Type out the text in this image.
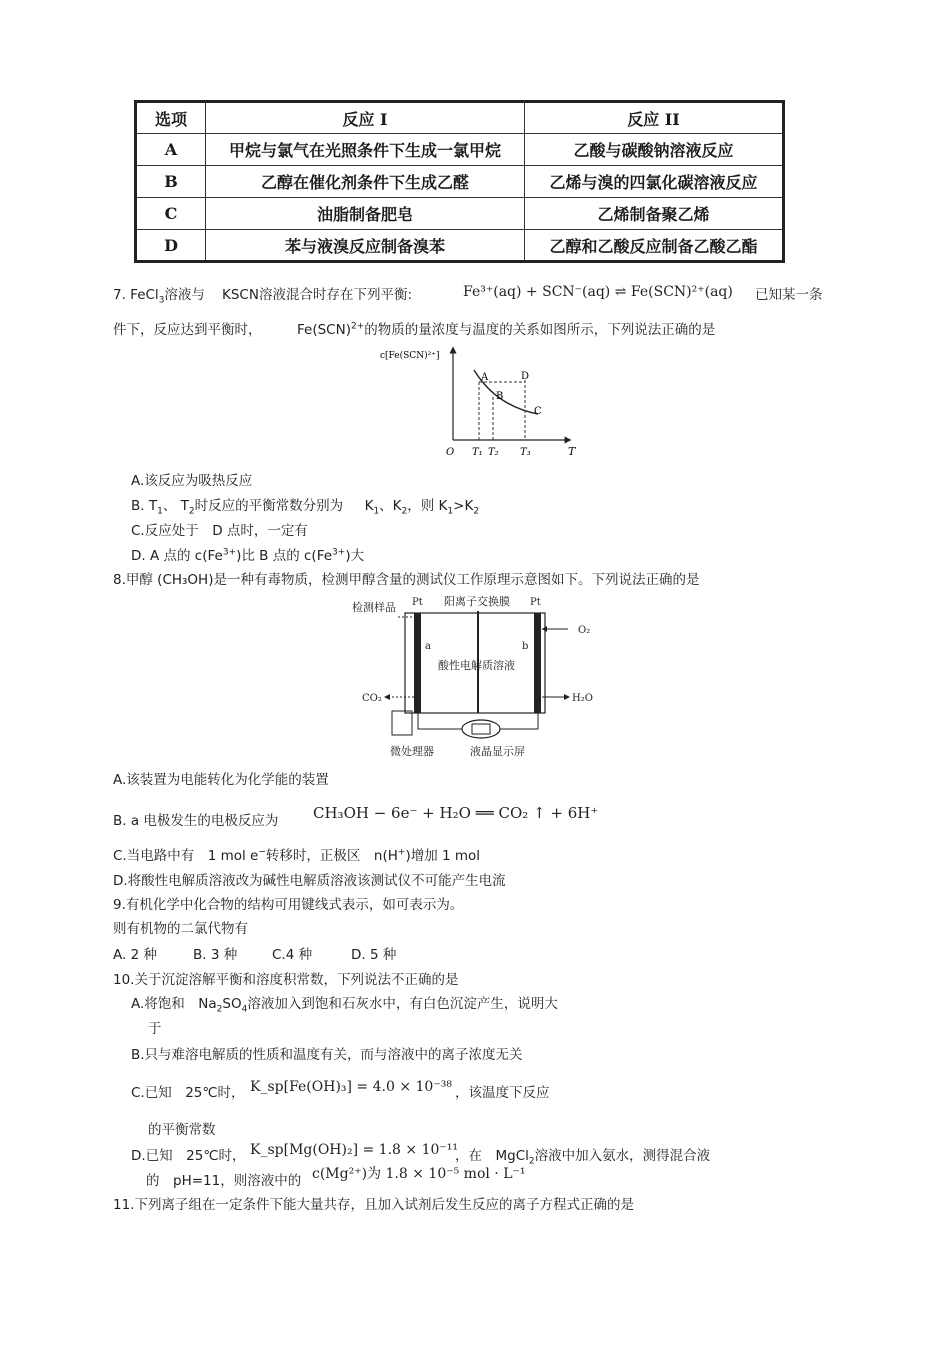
选项	反应 I	反应 II
A	甲烷与氯气在光照条件下生成一氯甲烷	乙酸与碳酸钠溶液反应
B	乙醇在催化剂条件下生成乙醛	乙烯与溴的四氯化碳溶液反应
C	油脂制备肥皂	乙烯制备聚乙烯
D	苯与液溴反应制备溴苯	乙醇和乙酸反应制备乙酸乙酯
7. FeCl$_3$溶液与 KSCN溶液混合时存在下列平衡:	Fe³⁺(aq) + SCN⁻(aq) ⇌ Fe(SCN)²⁺(aq) 已知某一条
件下，反应达到平衡时，	Fe(SCN)$^{2+}$的物质的量浓度与温度的关系如图所示，下列说法正确的是
c[Fe(SCN)²⁺]
T
O T₁ T₂ T₃
A
B
C
D
A.该反应为吸热反应
B. $T_1$、 $T_2$时反应的平衡常数分别为 $K_1$、$K_2$，则 $K_1>K_2$
C.反应处于　D 点时，一定有
D. A 点的 $c(Fe^{3+})$比 B 点的 $c(Fe^{3+})$大
8.甲醇 (CH₃OH)是一种有毒物质，检测甲醇含量的测试仪工作原理示意图如下。下列说法正确的是
检测样品 Pt	Pt
阳离子交换膜
a	b
O₂
CO₂	H₂O
酸性电解质溶液
微处理器	液晶显示屏
A.该装置为电能转化为化学能的装置
B. a 电极发生的电极反应为 CH₃OH − 6e⁻ + H₂O ══ CO₂ ↑ + 6H⁺
C.当电路中有　1 mol e−转移时，正极区　n(H+)增加 1 mol
D.将酸性电解质溶液改为碱性电解质溶液该测试仪不可能产生电流
9.有机化学中化合物的结构可用键线式表示，如可表示为。
则有机物的二氯代物有
A. 2 种	B. 3 种	C.4 种	D. 5 种
10.关于沉淀溶解平衡和溶度积常数，下列说法不正确的是
A.将饱和　$Na_2SO_4$溶液加入到饱和石灰水中，有白色沉淀产生，说明大
于
B.只与难溶电解质的性质和温度有关，而与溶液中的离子浓度无关
C.已知　25℃时， K_sp[Fe(OH)₃] = 4.0 × 10⁻³⁸ ，该温度下反应
的平衡常数
D.已知　25℃时， K_sp[Mg(OH)₂] = 1.8 × 10⁻¹¹
，在　MgCl$_2$溶液中加入氨水，测得混合液
的　pH=11，则溶液中的 c(Mg²⁺)为 1.8 × 10⁻⁵ mol · L⁻¹
11.下列离子组在一定条件下能大量共存，且加入试剂后发生反应的离子方程式正确的是
